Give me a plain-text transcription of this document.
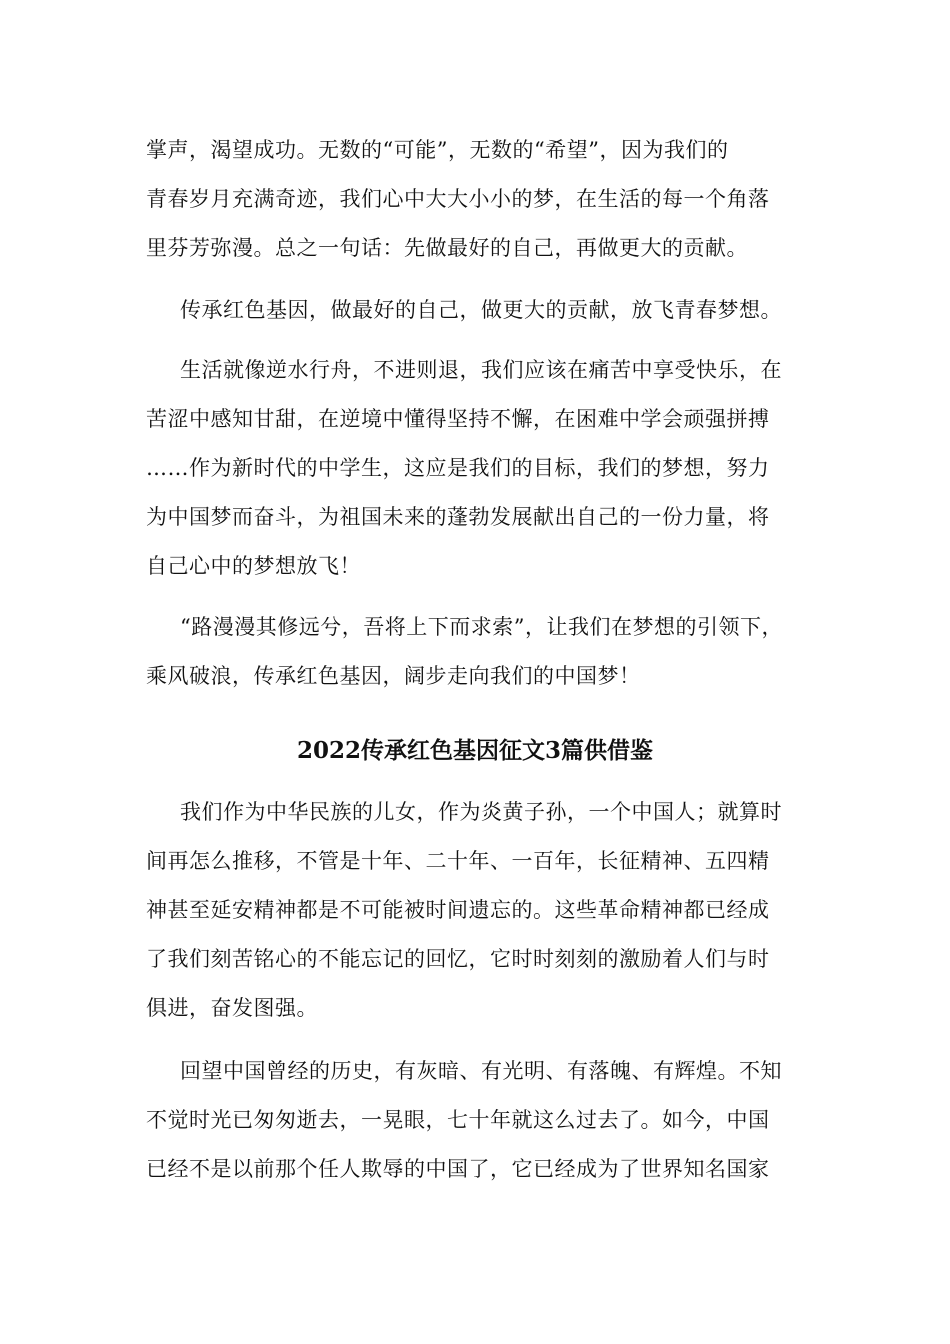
掌声，渴望成功。无数的“可能”，无数的“希望”，因为我们的
青春岁月充满奇迹，我们心中大大小小的梦，在生活的每一个角落
里芬芳弥漫。总之一句话：先做最好的自己，再做更大的贡献。
传承红色基因，做最好的自己，做更大的贡献，放飞青春梦想。
生活就像逆水行舟，不进则退，我们应该在痛苦中享受快乐，在
苦涩中感知甘甜，在逆境中懂得坚持不懈，在困难中学会顽强拼搏
……作为新时代的中学生，这应是我们的目标，我们的梦想，努力
为中国梦而奋斗，为祖国未来的蓬勃发展献出自己的一份力量，将
自己心中的梦想放飞！
“路漫漫其修远兮，吾将上下而求索”，让我们在梦想的引领下，
乘风破浪，传承红色基因，阔步走向我们的中国梦！
2022传承红色基因征文3篇供借鉴
我们作为中华民族的儿女，作为炎黄子孙，一个中国人；就算时
间再怎么推移，不管是十年、二十年、一百年，长征精神、五四精
神甚至延安精神都是不可能被时间遗忘的。这些革命精神都已经成
了我们刻苦铭心的不能忘记的回忆，它时时刻刻的激励着人们与时
俱进，奋发图强。
回望中国曾经的历史，有灰暗、有光明、有落魄、有辉煌。不知
不觉时光已匆匆逝去，一晃眼，七十年就这么过去了。如今，中国
已经不是以前那个任人欺辱的中国了，它已经成为了世界知名国家
